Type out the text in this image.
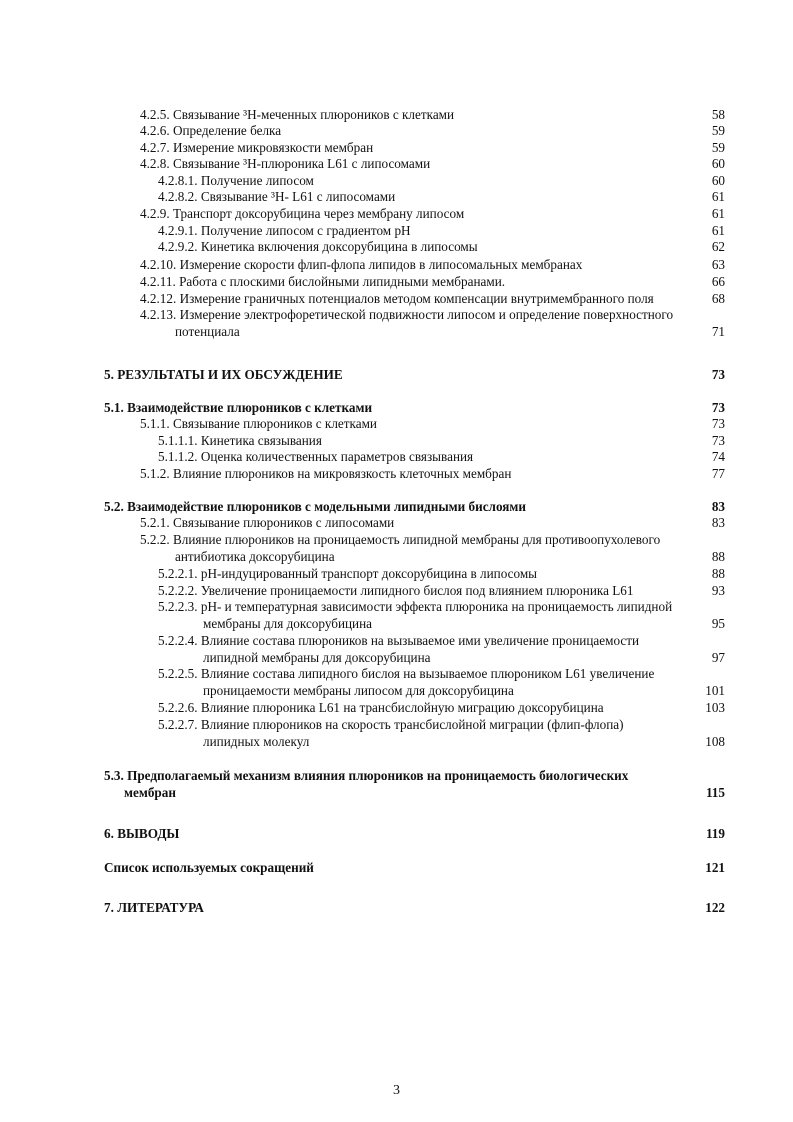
4.2.5. Связывание ³H-меченных плюроников с клетками	58
4.2.6. Определение белка	59
4.2.7. Измерение микровязкости мембран	59
4.2.8. Связывание ³H-плюроника L61 с липосомами	60
4.2.8.1. Получение липосом	60
4.2.8.2. Связывание ³H- L61 с липосомами	61
4.2.9. Транспорт доксорубицина через мембрану липосом	61
4.2.9.1. Получение липосом с градиентом pH	61
4.2.9.2. Кинетика включения доксорубицина в липосомы	62
4.2.10. Измерение скорости флип-флопа липидов в липосомальных мембранах	63
4.2.11. Работа с плоскими бислойными липидными мембранами.	66
4.2.12. Измерение граничных потенциалов методом компенсации внутримембранного поля	68
4.2.13. Измерение электрофоретической подвижности липосом и определение поверхностного
потенциала	71
5. РЕЗУЛЬТАТЫ И ИХ ОБСУЖДЕНИЕ	73
5.1. Взаимодействие плюроников с клетками	73
5.1.1. Связывание плюроников с клетками	73
5.1.1.1. Кинетика связывания	73
5.1.1.2. Оценка количественных параметров связывания	74
5.1.2. Влияние плюроников на микровязкость клеточных мембран	77
5.2. Взаимодействие плюроников с модельными липидными бислоями	83
5.2.1. Связывание плюроников с липосомами	83
5.2.2. Влияние плюроников на проницаемость липидной мембраны для противоопухолевого
антибиотика доксорубицина	88
5.2.2.1. pH-индуцированный транспорт доксорубицина в липосомы	88
5.2.2.2. Увеличение проницаемости липидного бислоя под влиянием плюроника L61	93
5.2.2.3. pH- и температурная зависимости эффекта плюроника на проницаемость липидной
мембраны для доксорубицина	95
5.2.2.4. Влияние состава плюроников на вызываемое ими увеличение проницаемости
липидной мембраны для доксорубицина	97
5.2.2.5. Влияние состава липидного бислоя на вызываемое плюроником L61 увеличение
проницаемости мембраны липосом для доксорубицина	101
5.2.2.6. Влияние плюроника L61 на трансбислойную миграцию доксорубицина	103
5.2.2.7. Влияние плюроников на скорость трансбислойной миграции (флип-флопа)
липидных молекул	108
5.3. Предполагаемый механизм влияния плюроников на проницаемость биологических
мембран	115
6. ВЫВОДЫ	119
Список используемых сокращений	121
7. ЛИТЕРАТУРА	122
3
